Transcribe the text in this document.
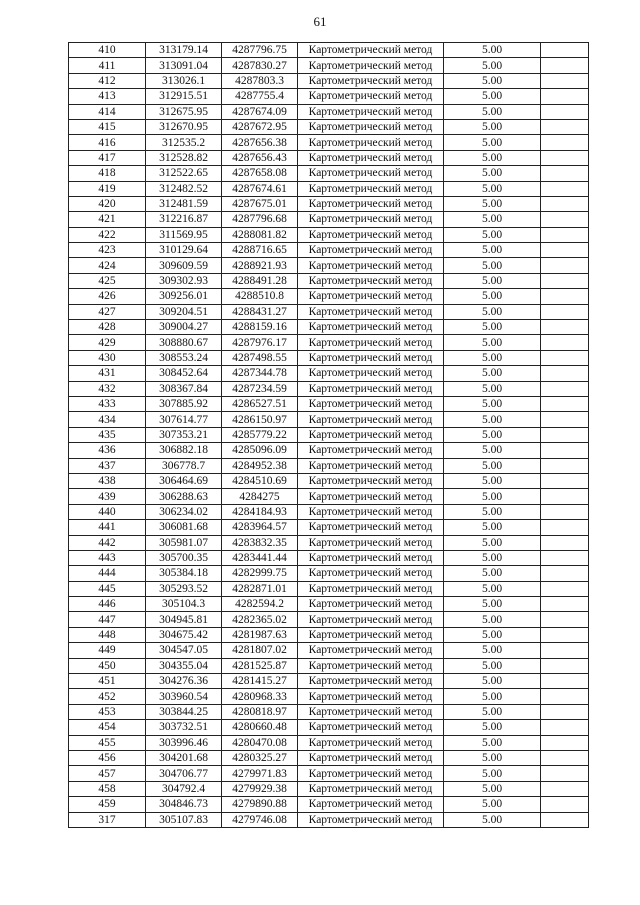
61
410	313179.14	4287796.75	Картометрический метод	5.00	
411	313091.04	4287830.27	Картометрический метод	5.00	
412	313026.1	4287803.3	Картометрический метод	5.00	
413	312915.51	4287755.4	Картометрический метод	5.00	
414	312675.95	4287674.09	Картометрический метод	5.00	
415	312670.95	4287672.95	Картометрический метод	5.00	
416	312535.2	4287656.38	Картометрический метод	5.00	
417	312528.82	4287656.43	Картометрический метод	5.00	
418	312522.65	4287658.08	Картометрический метод	5.00	
419	312482.52	4287674.61	Картометрический метод	5.00	
420	312481.59	4287675.01	Картометрический метод	5.00	
421	312216.87	4287796.68	Картометрический метод	5.00	
422	311569.95	4288081.82	Картометрический метод	5.00	
423	310129.64	4288716.65	Картометрический метод	5.00	
424	309609.59	4288921.93	Картометрический метод	5.00	
425	309302.93	4288491.28	Картометрический метод	5.00	
426	309256.01	4288510.8	Картометрический метод	5.00	
427	309204.51	4288431.27	Картометрический метод	5.00	
428	309004.27	4288159.16	Картометрический метод	5.00	
429	308880.67	4287976.17	Картометрический метод	5.00	
430	308553.24	4287498.55	Картометрический метод	5.00	
431	308452.64	4287344.78	Картометрический метод	5.00	
432	308367.84	4287234.59	Картометрический метод	5.00	
433	307885.92	4286527.51	Картометрический метод	5.00	
434	307614.77	4286150.97	Картометрический метод	5.00	
435	307353.21	4285779.22	Картометрический метод	5.00	
436	306882.18	4285096.09	Картометрический метод	5.00	
437	306778.7	4284952.38	Картометрический метод	5.00	
438	306464.69	4284510.69	Картометрический метод	5.00	
439	306288.63	4284275	Картометрический метод	5.00	
440	306234.02	4284184.93	Картометрический метод	5.00	
441	306081.68	4283964.57	Картометрический метод	5.00	
442	305981.07	4283832.35	Картометрический метод	5.00	
443	305700.35	4283441.44	Картометрический метод	5.00	
444	305384.18	4282999.75	Картометрический метод	5.00	
445	305293.52	4282871.01	Картометрический метод	5.00	
446	305104.3	4282594.2	Картометрический метод	5.00	
447	304945.81	4282365.02	Картометрический метод	5.00	
448	304675.42	4281987.63	Картометрический метод	5.00	
449	304547.05	4281807.02	Картометрический метод	5.00	
450	304355.04	4281525.87	Картометрический метод	5.00	
451	304276.36	4281415.27	Картометрический метод	5.00	
452	303960.54	4280968.33	Картометрический метод	5.00	
453	303844.25	4280818.97	Картометрический метод	5.00	
454	303732.51	4280660.48	Картометрический метод	5.00	
455	303996.46	4280470.08	Картометрический метод	5.00	
456	304201.68	4280325.27	Картометрический метод	5.00	
457	304706.77	4279971.83	Картометрический метод	5.00	
458	304792.4	4279929.38	Картометрический метод	5.00	
459	304846.73	4279890.88	Картометрический метод	5.00	
317	305107.83	4279746.08	Картометрический метод	5.00	
